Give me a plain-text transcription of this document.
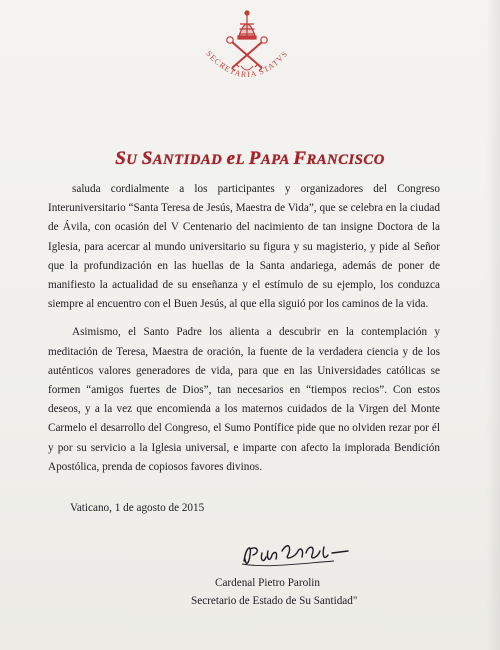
SECRETARIA STATVS
SU SANTIDAD eL PAPA FRANCISCO

saluda cordialmente a los participantes y organizadores del Congreso Interuniversitario “Santa Teresa de Jesús, Maestra de Vida”, que se celebra en la ciudad de Ávila, con ocasión del V Centenario del nacimiento de tan insigne Doctora de la Iglesia, para acercar al mundo universitario su figura y su magisterio, y pide al Señor que la profundización en las huellas de la Santa andariega, además de poner de manifiesto la actualidad de su enseñanza y el estímulo de su ejemplo, los conduzca siempre al encuentro con el Buen Jesús, al que ella siguió por los caminos de la vida.

Asimismo, el Santo Padre los alienta a descubrir en la contemplación y meditación de Teresa, Maestra de oración, la fuente de la verdadera ciencia y de los auténticos valores generadores de vida, para que en las Universidades católicas se formen “amigos fuertes de Dios”, tan necesarios en “tiempos recios”. Con estos deseos, y a la vez que encomienda a los maternos cuidados de la Virgen del Monte Carmelo el desarrollo del Congreso, el Sumo Pontífice pide que no olviden rezar por él y por su servicio a la Iglesia universal, e imparte con afecto la implorada Bendición Apostólica, prenda de copiosos favores divinos.

Vaticano, 1 de agosto de 2015
Cardenal Pietro Parolin
Secretario de Estado de Su Santidad"
